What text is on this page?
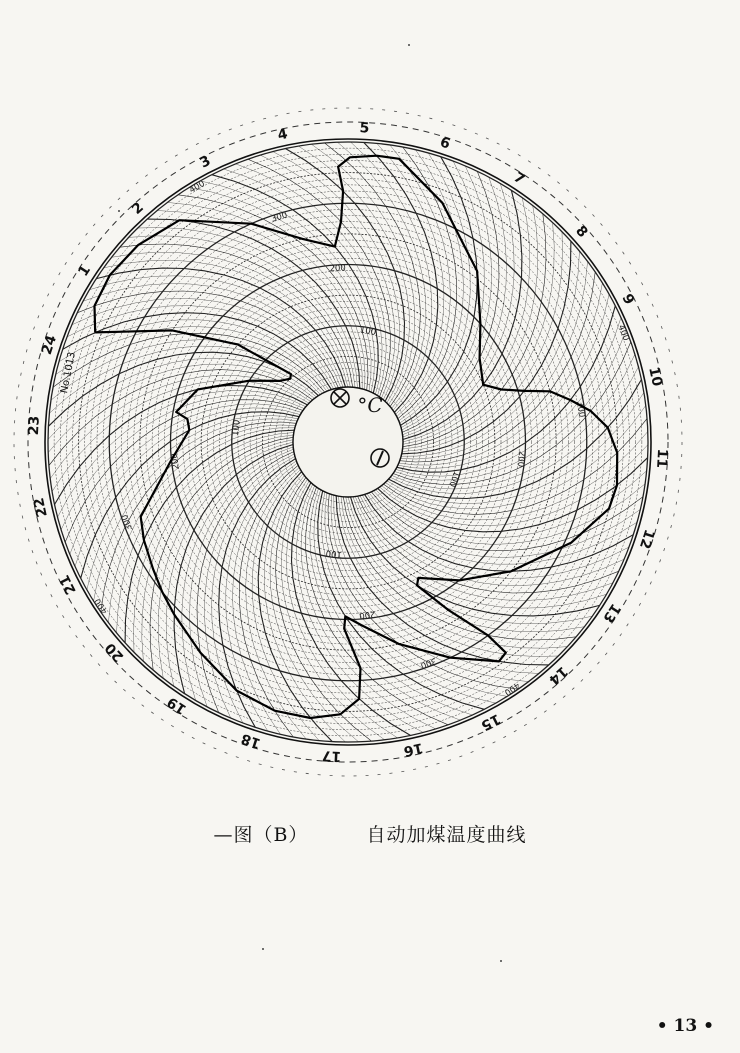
1
2
3
4	5
6
7
8
9
10
11
12
13
14
15
16
17
18
19
20
21
22
23
24
No.1013
100
200
300
400
100
200
300
400
100
200
300
400
100
200
300
400
°C
—图（B）	自动加煤温度曲线
• 13 •
